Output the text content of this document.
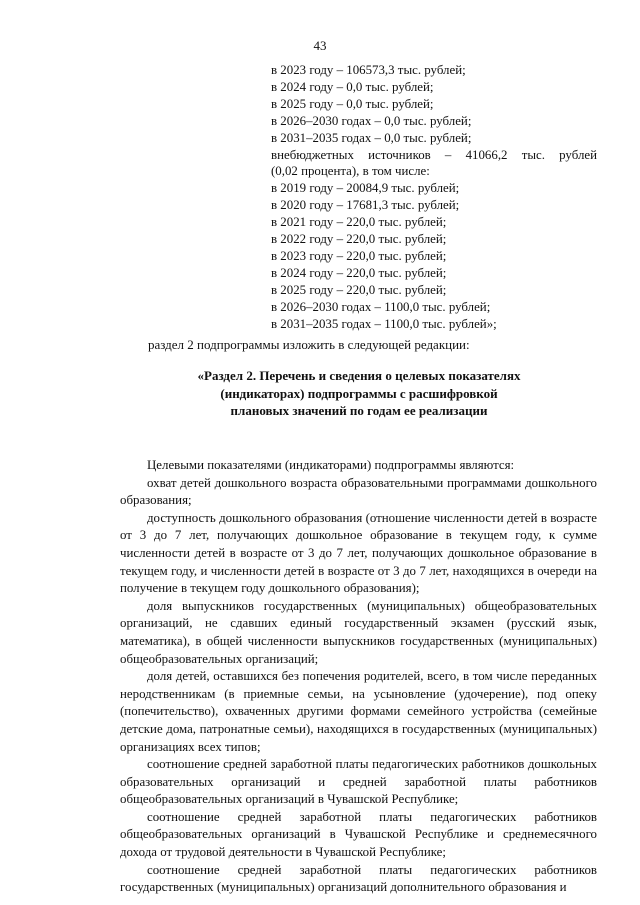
43
в 2023 году – 106573,3 тыс. рублей;
в 2024 году – 0,0 тыс. рублей;
в 2025 году – 0,0 тыс. рублей;
в 2026–2030 годах – 0,0 тыс. рублей;
в 2031–2035 годах – 0,0 тыс. рублей;
внебюджетных источников – 41066,2 тыс. рублей
(0,02 процента), в том числе:
в 2019 году – 20084,9 тыс. рублей;
в 2020 году – 17681,3 тыс. рублей;
в 2021 году – 220,0 тыс. рублей;
в 2022 году – 220,0 тыс. рублей;
в 2023 году – 220,0 тыс. рублей;
в 2024 году – 220,0 тыс. рублей;
в 2025 году – 220,0 тыс. рублей;
в 2026–2030 годах – 1100,0 тыс. рублей;
в 2031–2035 годах – 1100,0 тыс. рублей»;
раздел 2 подпрограммы изложить в следующей редакции:
«Раздел 2. Перечень и сведения о целевых показателях
(индикаторах) подпрограммы с расшифровкой
плановых значений по годам ее реализации

Целевыми показателями (индикаторами) подпрограммы являются:

охват детей дошкольного возраста образовательными программами дошкольного образования;

доступность дошкольного образования (отношение численности детей в возрасте от 3 до 7 лет, получающих дошкольное образование в текущем году, к сумме численности детей в возрасте от 3 до 7 лет, получающих дошкольное образование в текущем году, и численности детей в возрасте от 3 до 7 лет, находящихся в очереди на получение в текущем году дошкольного образования);

доля выпускников государственных (муниципальных) общеобразовательных организаций, не сдавших единый государственный экзамен (русский язык, математика), в общей численности выпускников государственных (муниципальных) общеобразовательных организаций;

доля детей, оставшихся без попечения родителей, всего, в том числе переданных неродственникам (в приемные семьи, на усыновление (удочерение), под опеку (попечительство), охваченных другими формами семейного устройства (семейные детские дома, патронатные семьи), находящихся в государственных (муниципальных) организациях всех типов;

соотношение средней заработной платы педагогических работников дошкольных образовательных организаций и средней заработной платы работников общеобразовательных организаций в Чувашской Республике;

соотношение средней заработной платы педагогических работников общеобразовательных организаций в Чувашской Республике и среднемесячного дохода от трудовой деятельности в Чувашской Республике;

соотношение средней заработной платы педагогических работников государственных (муниципальных) организаций дополнительного образования и
